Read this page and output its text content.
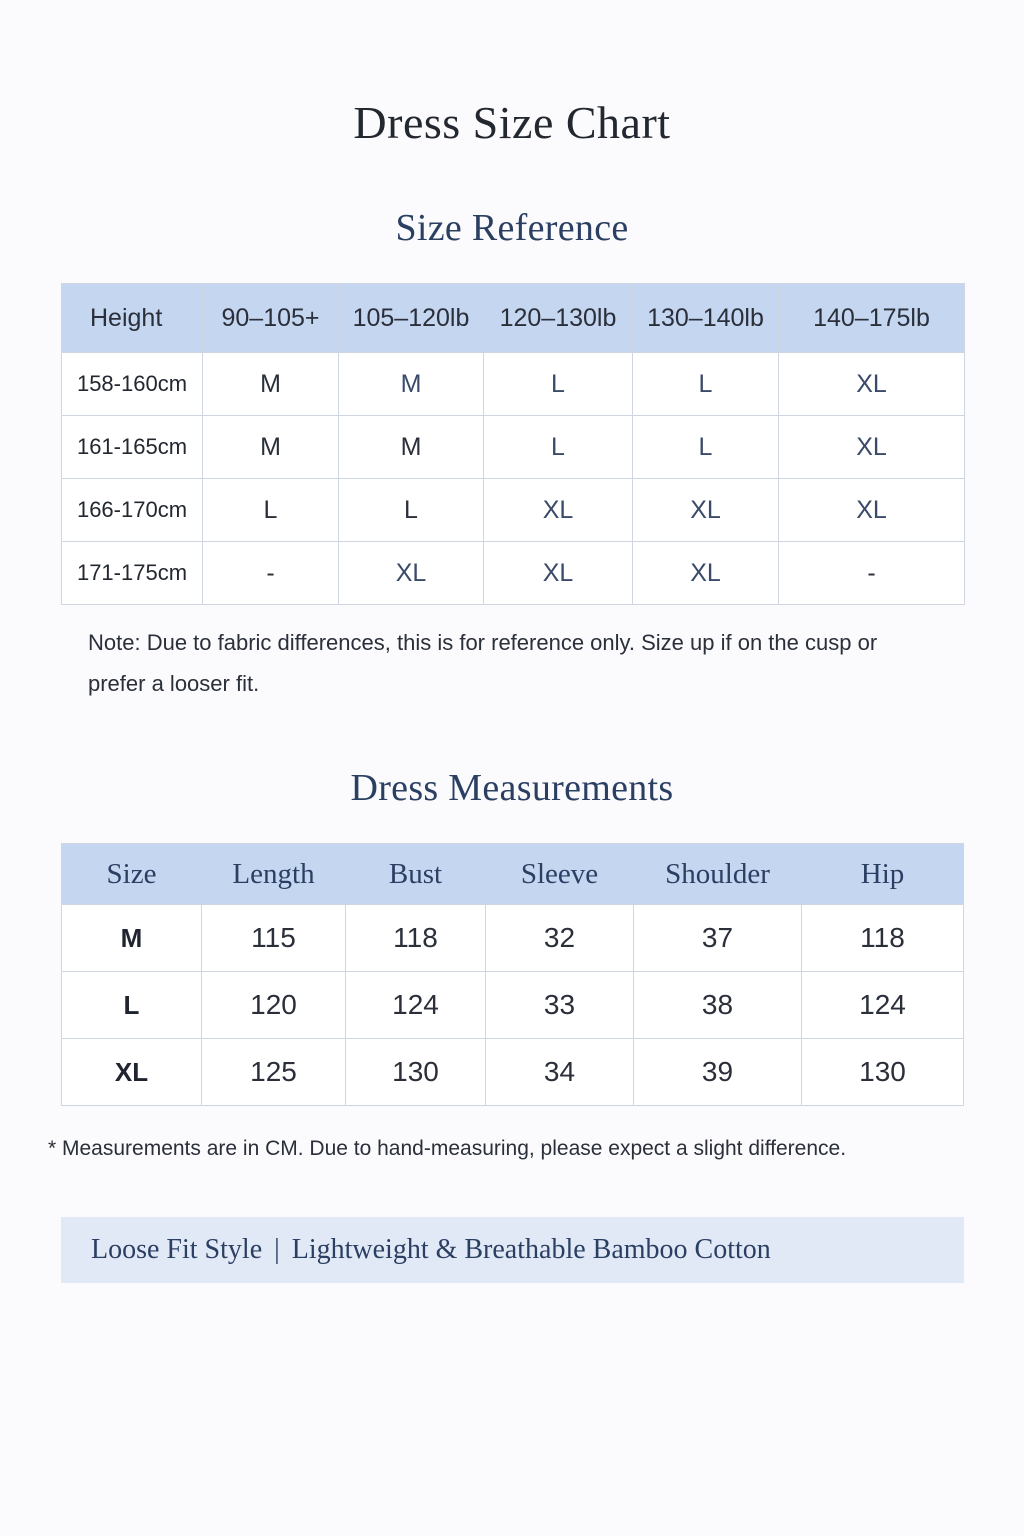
Dress Size Chart
Size Reference
Height	90–105+	105–120lb	120–130lb	130–140lb	140–175lb
158-160cm	M	M	L	L	XL
161-165cm	M	M	L	L	XL
166-170cm	L	L	XL	XL	XL
171-175cm	-	XL	XL	XL	-
Note: Due to fabric differences, this is for reference only. Size up if on the cusp or prefer a looser fit.
Dress Measurements
Size	Length	Bust	Sleeve	Shoulder	Hip
M	115	118	32	37	118
L	120	124	33	38	124
XL	125	130	34	39	130
* Measurements are in CM. Due to hand-measuring, please expect a slight difference.
Loose Fit Style | Lightweight & Breathable Bamboo Cotton
